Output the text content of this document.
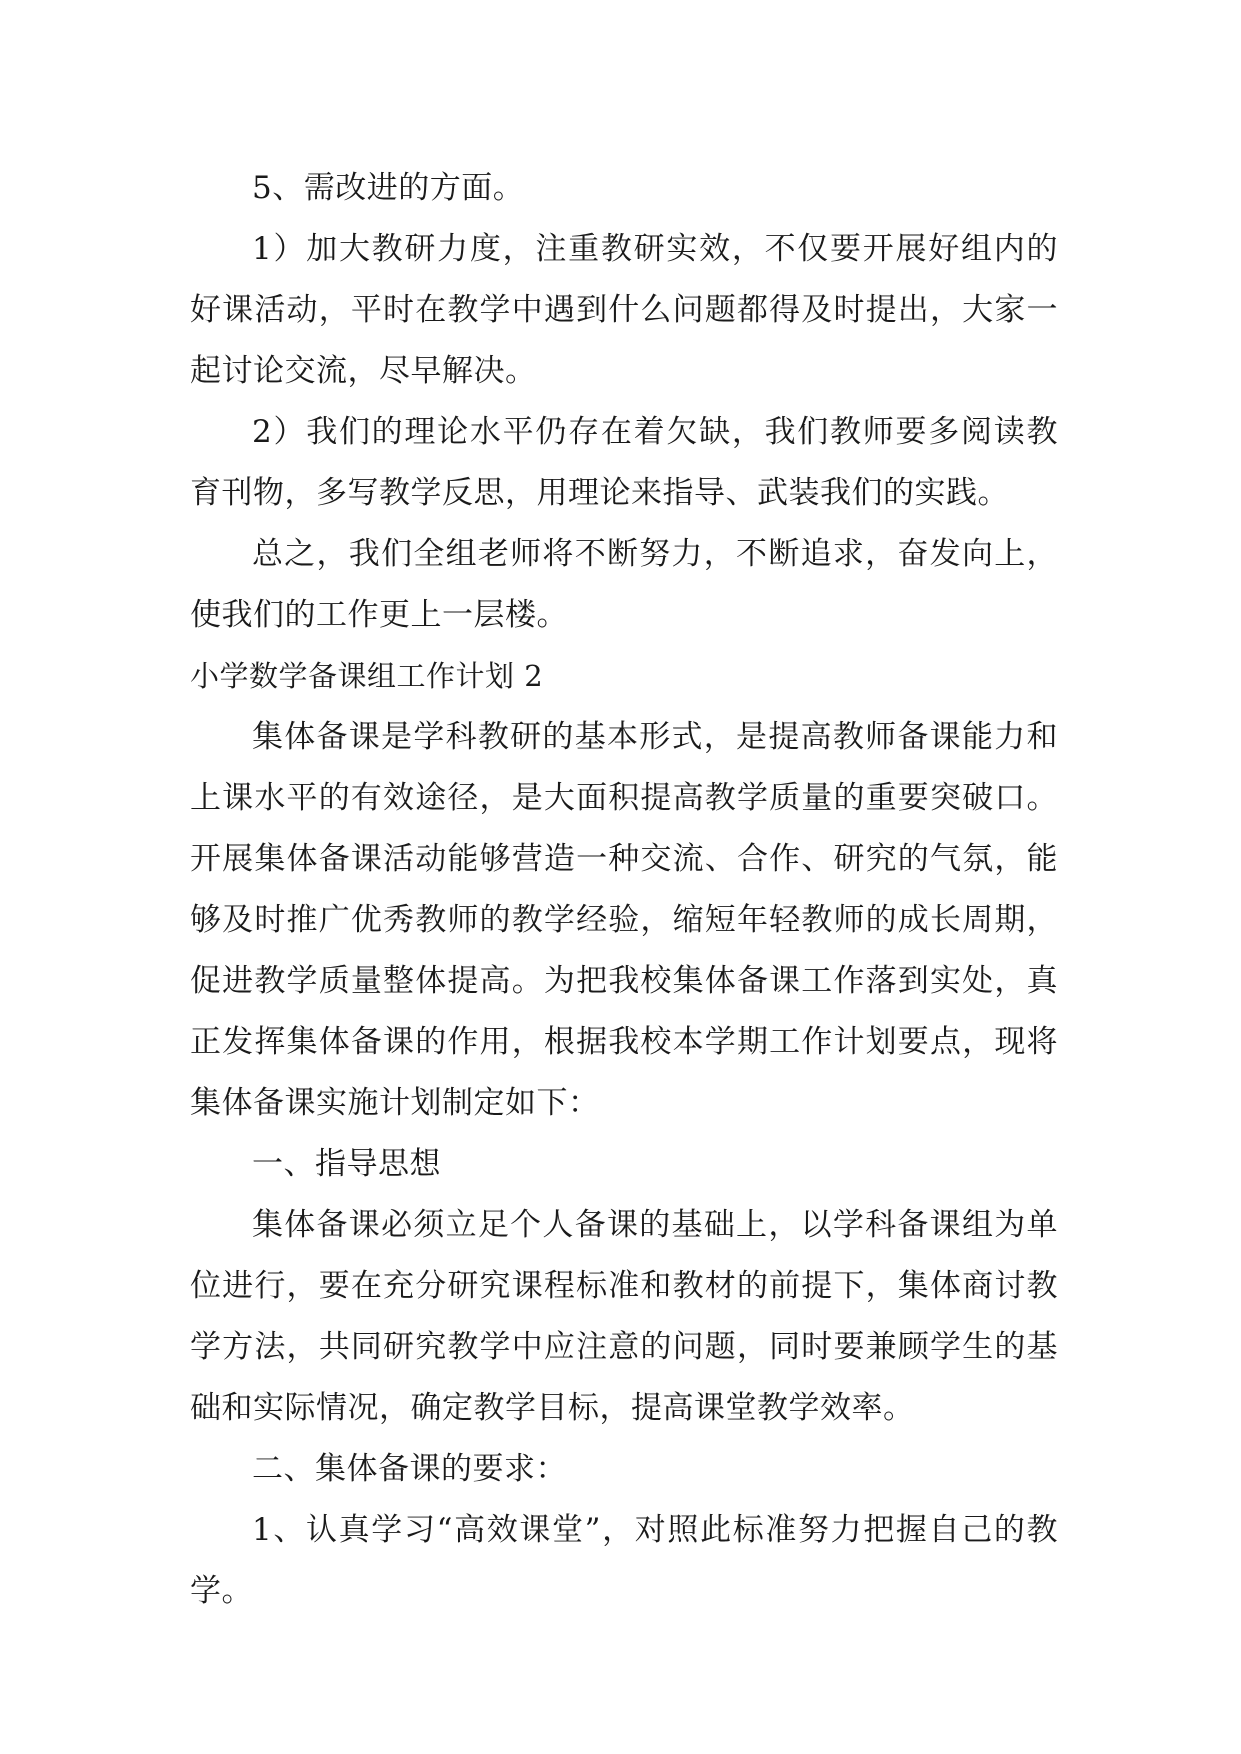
5、需改进的方面。

1）加大教研力度，注重教研实效，不仅要开展好组内的好课活动，平时在教学中遇到什么问题都得及时提出，大家一起讨论交流，尽早解决。

2）我们的理论水平仍存在着欠缺，我们教师要多阅读教育刊物，多写教学反思，用理论来指导、武装我们的实践。

总之，我们全组老师将不断努力，不断追求，奋发向上，使我们的工作更上一层楼。

小学数学备课组工作计划 2

集体备课是学科教研的基本形式，是提高教师备课能力和上课水平的有效途径，是大面积提高教学质量的重要突破口。开展集体备课活动能够营造一种交流、合作、研究的气氛，能够及时推广优秀教师的教学经验，缩短年轻教师的成长周期，促进教学质量整体提高。为把我校集体备课工作落到实处，真正发挥集体备课的作用，根据我校本学期工作计划要点，现将集体备课实施计划制定如下：

一、指导思想

集体备课必须立足个人备课的基础上，以学科备课组为单位进行，要在充分研究课程标准和教材的前提下，集体商讨教学方法，共同研究教学中应注意的问题，同时要兼顾学生的基础和实际情况，确定教学目标，提高课堂教学效率。

二、集体备课的要求：

1、认真学习“高效课堂”，对照此标准努力把握自己的教学。
